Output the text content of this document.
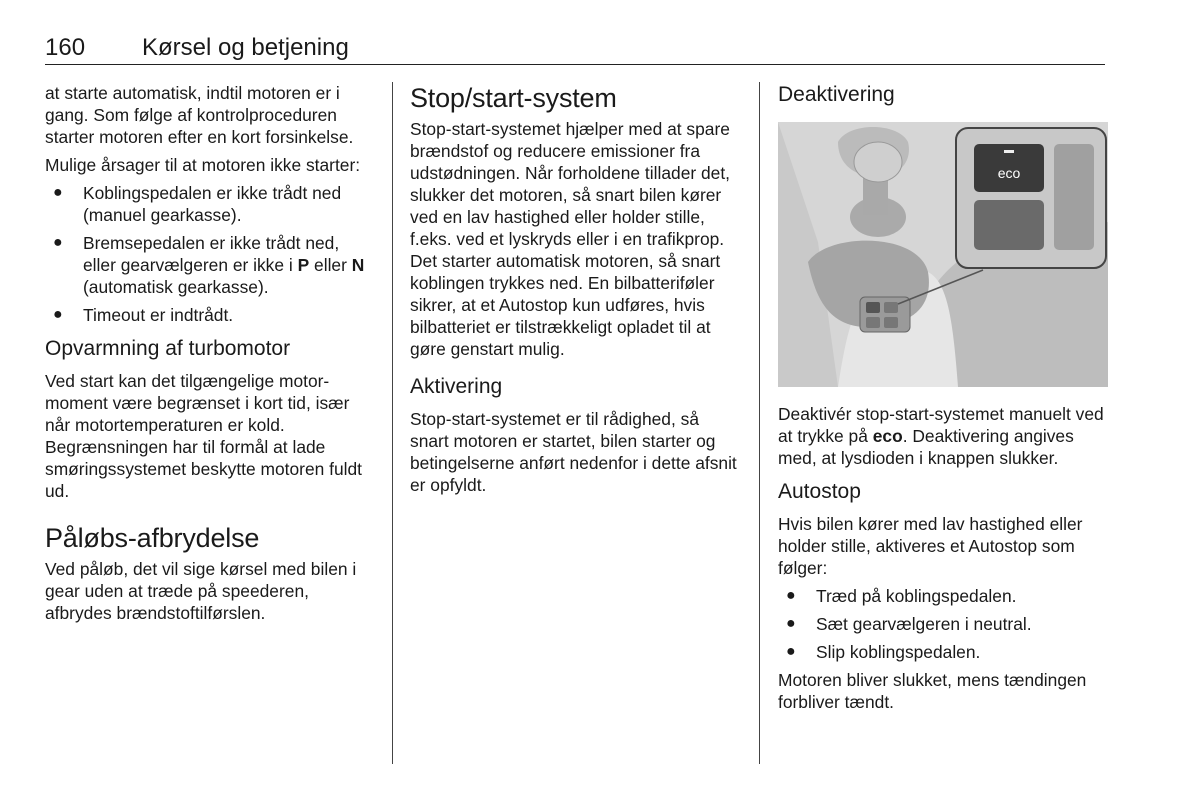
160 Kørsel og betjening

at starte automatisk, indtil motoren er i gang. Som følge af kontrolproceduren starter motoren efter en kort forsinkelse.

Mulige årsager til at motoren ikke starter:

● Koblingspedalen er ikke trådt ned (manuel gearkasse).
● Bremsepedalen er ikke trådt ned, eller gearvælgeren er ikke i P eller N (automatisk gearkasse).
● Timeout er indtrådt.
Opvarmning af turbomotor

Ved start kan det tilgængelige motormoment være begrænset i kort tid, især når motortemperaturen er kold. Begrænsningen har til formål at lade smøringssystemet beskytte motoren fuldt ud.

Påløbs-afbrydelse

Ved påløb, det vil sige kørsel med bilen i gear uden at træde på speederen, afbrydes brændstoftilførslen.

Stop/start-system

Stop-start-systemet hjælper med at spare brændstof og reducere emissioner fra udstødningen. Når forholdene tillader det, slukker det motoren, så snart bilen kører ved en lav hastighed eller holder stille, f.eks. ved et lyskryds eller i en trafikprop. Det starter automatisk motoren, så snart koblingen trykkes ned. En bilbatteriføler sikrer, at et Autostop kun udføres, hvis bilbatteriet er tilstrækkeligt opladet til at gøre genstart mulig.

Aktivering

Stop-start-systemet er til rådighed, så snart motoren er startet, bilen starter og betingelserne anført nedenfor i dette afsnit er opfyldt.

Deaktivering
eco

Deaktivér stop-start-systemet manuelt ved at trykke på eco. Deaktivering angives med, at lysdioden i knappen slukker.

Autostop

Hvis bilen kører med lav hastighed eller holder stille, aktiveres et Autostop som følger:

● Træd på koblingspedalen.
● Sæt gearvælgeren i neutral.
● Slip koblingspedalen.

Motoren bliver slukket, mens tændingen forbliver tændt.
